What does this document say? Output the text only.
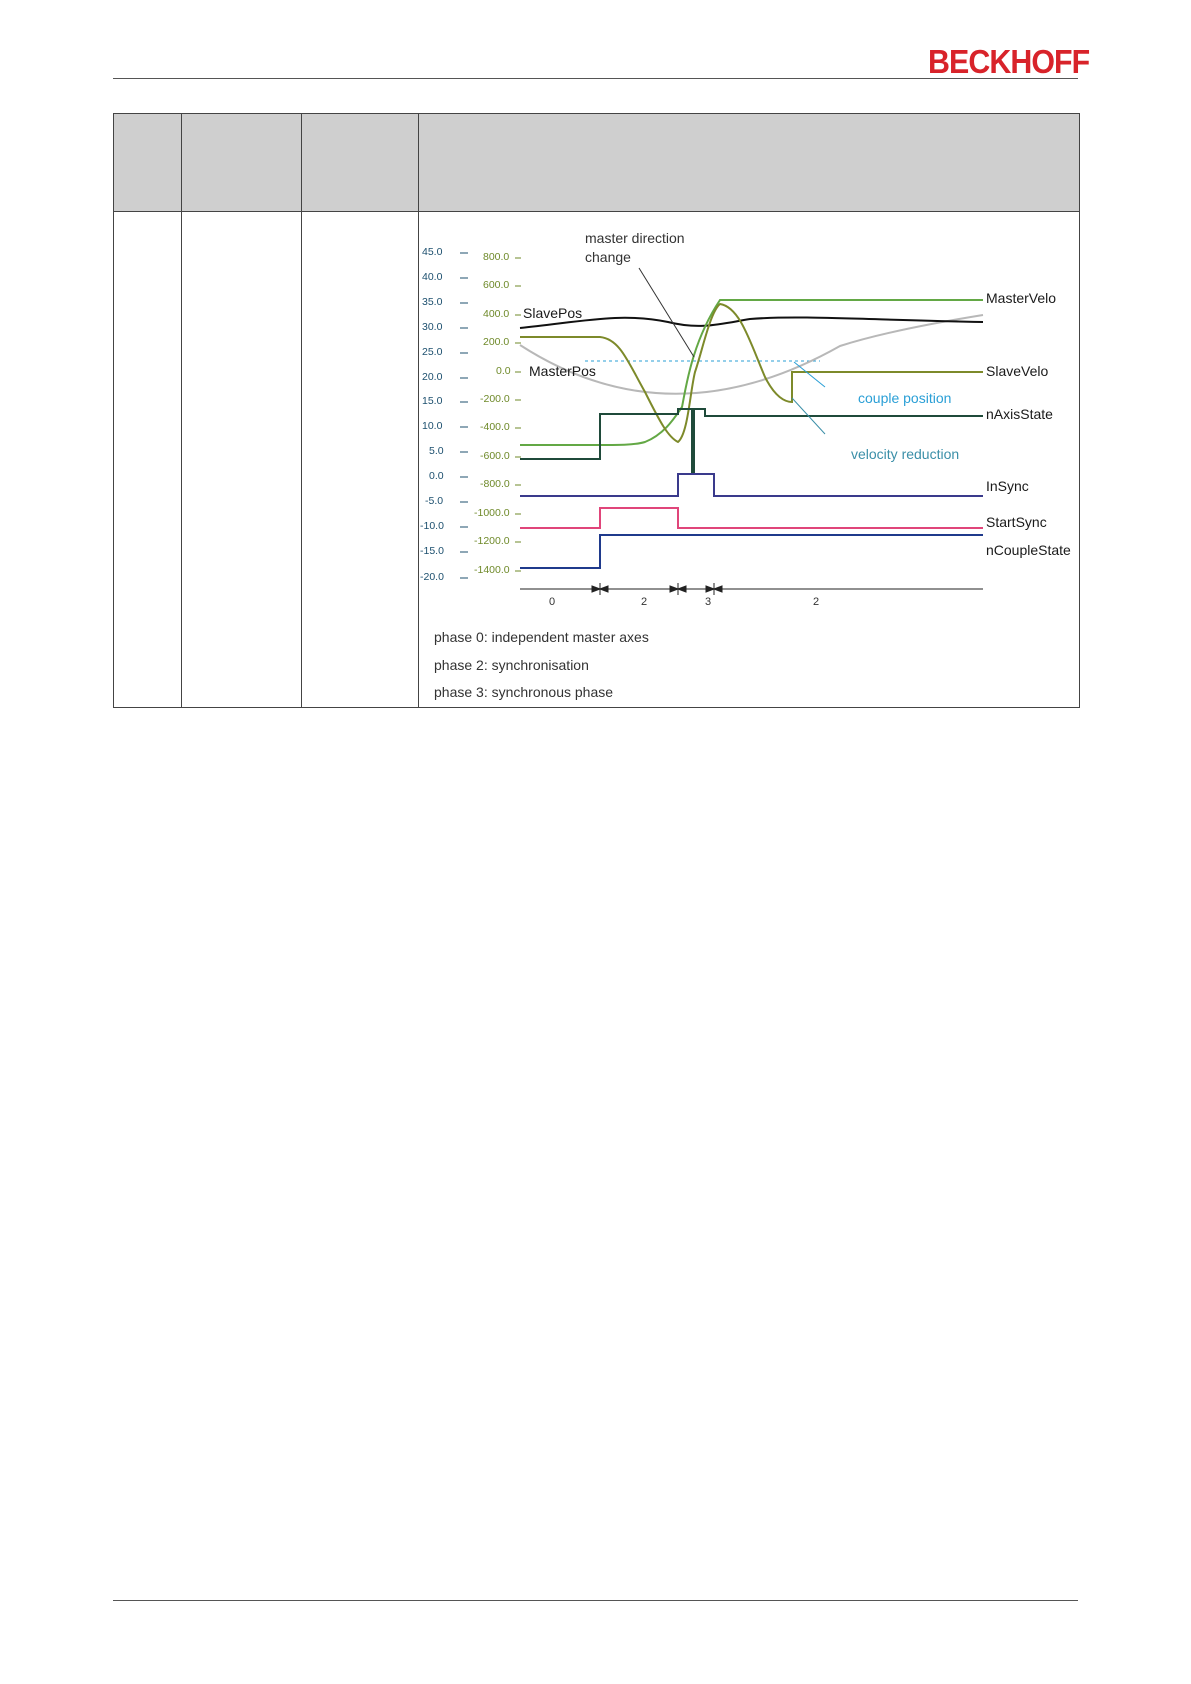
BECKHOFF

45.0
40.0
35.0
30.0
25.0
20.0
15.0
10.0
5.0
0.0
-5.0
-10.0
-15.0
-20.0
800.0
600.0
400.0
200.0
0.0
-200.0
-400.0
-600.0
-800.0
-1000.0
-1200.0
-1400.0
SlavePos
MasterPos
MasterVelo
SlaveVelo
nAxisState
InSync
StartSync
nCoupleState
master direction
change
couple position
velocity reduction
0	2	3	2
phase 0: independent master axes
phase 2: synchronisation
phase 3: synchronous phase
